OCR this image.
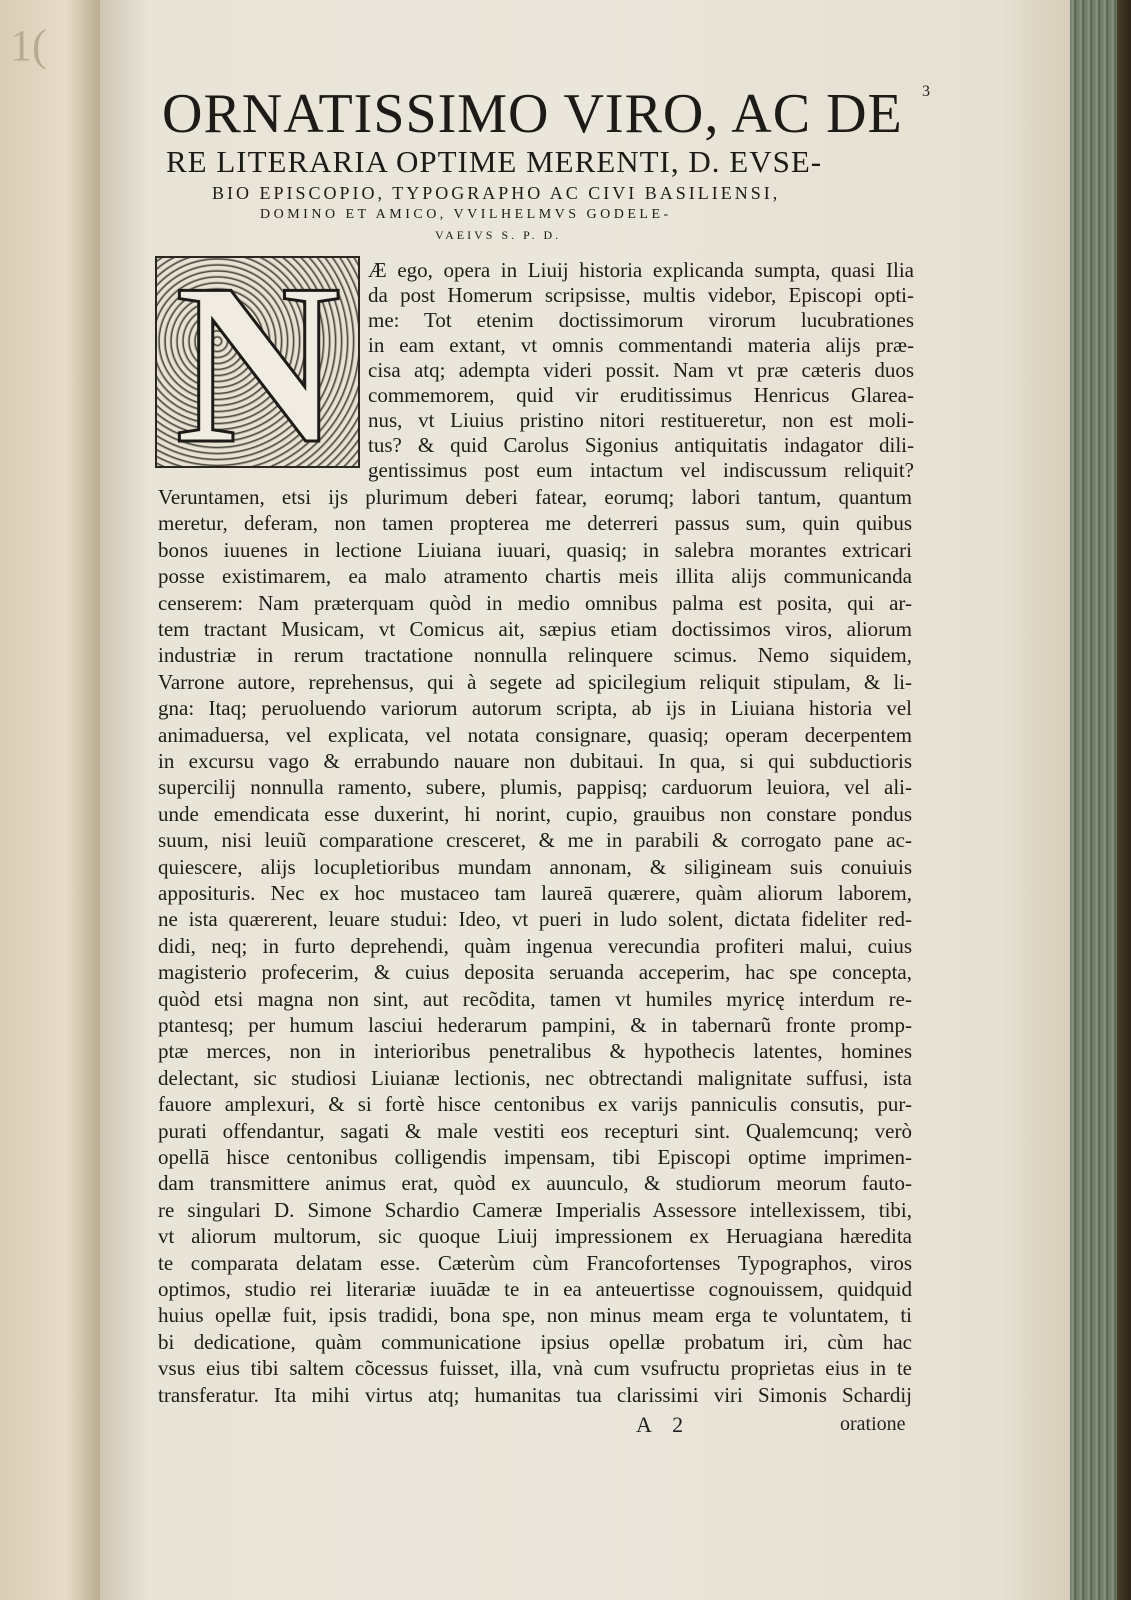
1(
3
ORNATISSIMO VIRO, AC DE
RE LITERARIA OPTIME MERENTI, D. EVSE-
BIO EPISCOPIO, TYPOGRAPHO AC CIVI BASILIENSI,
DOMINO ET AMICO, VVILHELMVS GODELE-
VAEIVS S. P. D.
N Æ ego, opera in Liuij historia explicanda sumpta, quasi Ilia
da post Homerum scripsisse, multis videbor, Episcopi opti-
me: Tot etenim doctissimorum virorum lucubrationes
in eam extant, vt omnis commentandi materia alijs præ-
cisa atq; adempta videri possit. Nam vt præ cæteris duos
commemorem, quid vir eruditissimus Henricus Glarea-
nus, vt Liuius pristino nitori restitueretur, non est moli-
tus? & quid Carolus Sigonius antiquitatis indagator dili-
gentissimus post eum intactum vel indiscussum reliquit?
Veruntamen, etsi ijs plurimum deberi fatear, eorumq; labori tantum, quantum
meretur, deferam, non tamen propterea me deterreri passus sum, quin quibus
bonos iuuenes in lectione Liuiana iuuari, quasiq; in salebra morantes extricari
posse existimarem, ea malo atramento chartis meis illita alijs communicanda
censerem: Nam præterquam quòd in medio omnibus palma est posita, qui ar-
tem tractant Musicam, vt Comicus ait, sæpius etiam doctissimos viros, aliorum
industriæ in rerum tractatione nonnulla relinquere scimus. Nemo siquidem,
Varrone autore, reprehensus, qui à segete ad spicilegium reliquit stipulam, & li-
gna: Itaq; peruoluendo variorum autorum scripta, ab ijs in Liuiana historia vel
animaduersa, vel explicata, vel notata consignare, quasiq; operam decerpentem
in excursu vago & errabundo nauare non dubitaui. In qua, si qui subductioris
supercilij nonnulla ramento, subere, plumis, pappisq; carduorum leuiora, vel ali-
unde emendicata esse duxerint, hi norint, cupio, grauibus non constare pondus
suum, nisi leuiũ comparatione cresceret, & me in parabili & corrogato pane ac-
quiescere, alijs locupletioribus mundam annonam, & siligineam suis conuiuis
apposituris. Nec ex hoc mustaceo tam laureā quærere, quàm aliorum laborem,
ne ista quærerent, leuare studui: Ideo, vt pueri in ludo solent, dictata fideliter red-
didi, neq; in furto deprehendi, quàm ingenua verecundia profiteri malui, cuius
magisterio profecerim, & cuius deposita seruanda acceperim, hac spe concepta,
quòd etsi magna non sint, aut recõdita, tamen vt humiles myricę interdum re-
ptantesq; per humum lasciui hederarum pampini, & in tabernarũ fronte promp-
ptæ merces, non in interioribus penetralibus & hypothecis latentes, homines
delectant, sic studiosi Liuianæ lectionis, nec obtrectandi malignitate suffusi, ista
fauore amplexuri, & si fortè hisce centonibus ex varijs panniculis consutis, pur-
purati offendantur, sagati & male vestiti eos recepturi sint. Qualemcunq; verò
opellā hisce centonibus colligendis impensam, tibi Episcopi optime imprimen-
dam transmittere animus erat, quòd ex auunculo, & studiorum meorum fauto-
re singulari D. Simone Schardio Cameræ Imperialis Assessore intellexissem, tibi,
vt aliorum multorum, sic quoque Liuij impressionem ex Heruagiana hæredita
te comparata delatam esse. Cæterùm cùm Francofortenses Typographos, viros
optimos, studio rei literariæ iuuādæ te in ea anteuertisse cognouissem, quidquid
huius opellæ fuit, ipsis tradidi, bona spe, non minus meam erga te voluntatem, ti
bi dedicatione, quàm communicatione ipsius opellæ probatum iri, cùm hac
vsus eius tibi saltem cõcessus fuisset, illa, vnà cum vsufructu proprietas eius in te
transferatur. Ita mihi virtus atq; humanitas tua clarissimi viri Simonis Schardij
A 2	oratione
